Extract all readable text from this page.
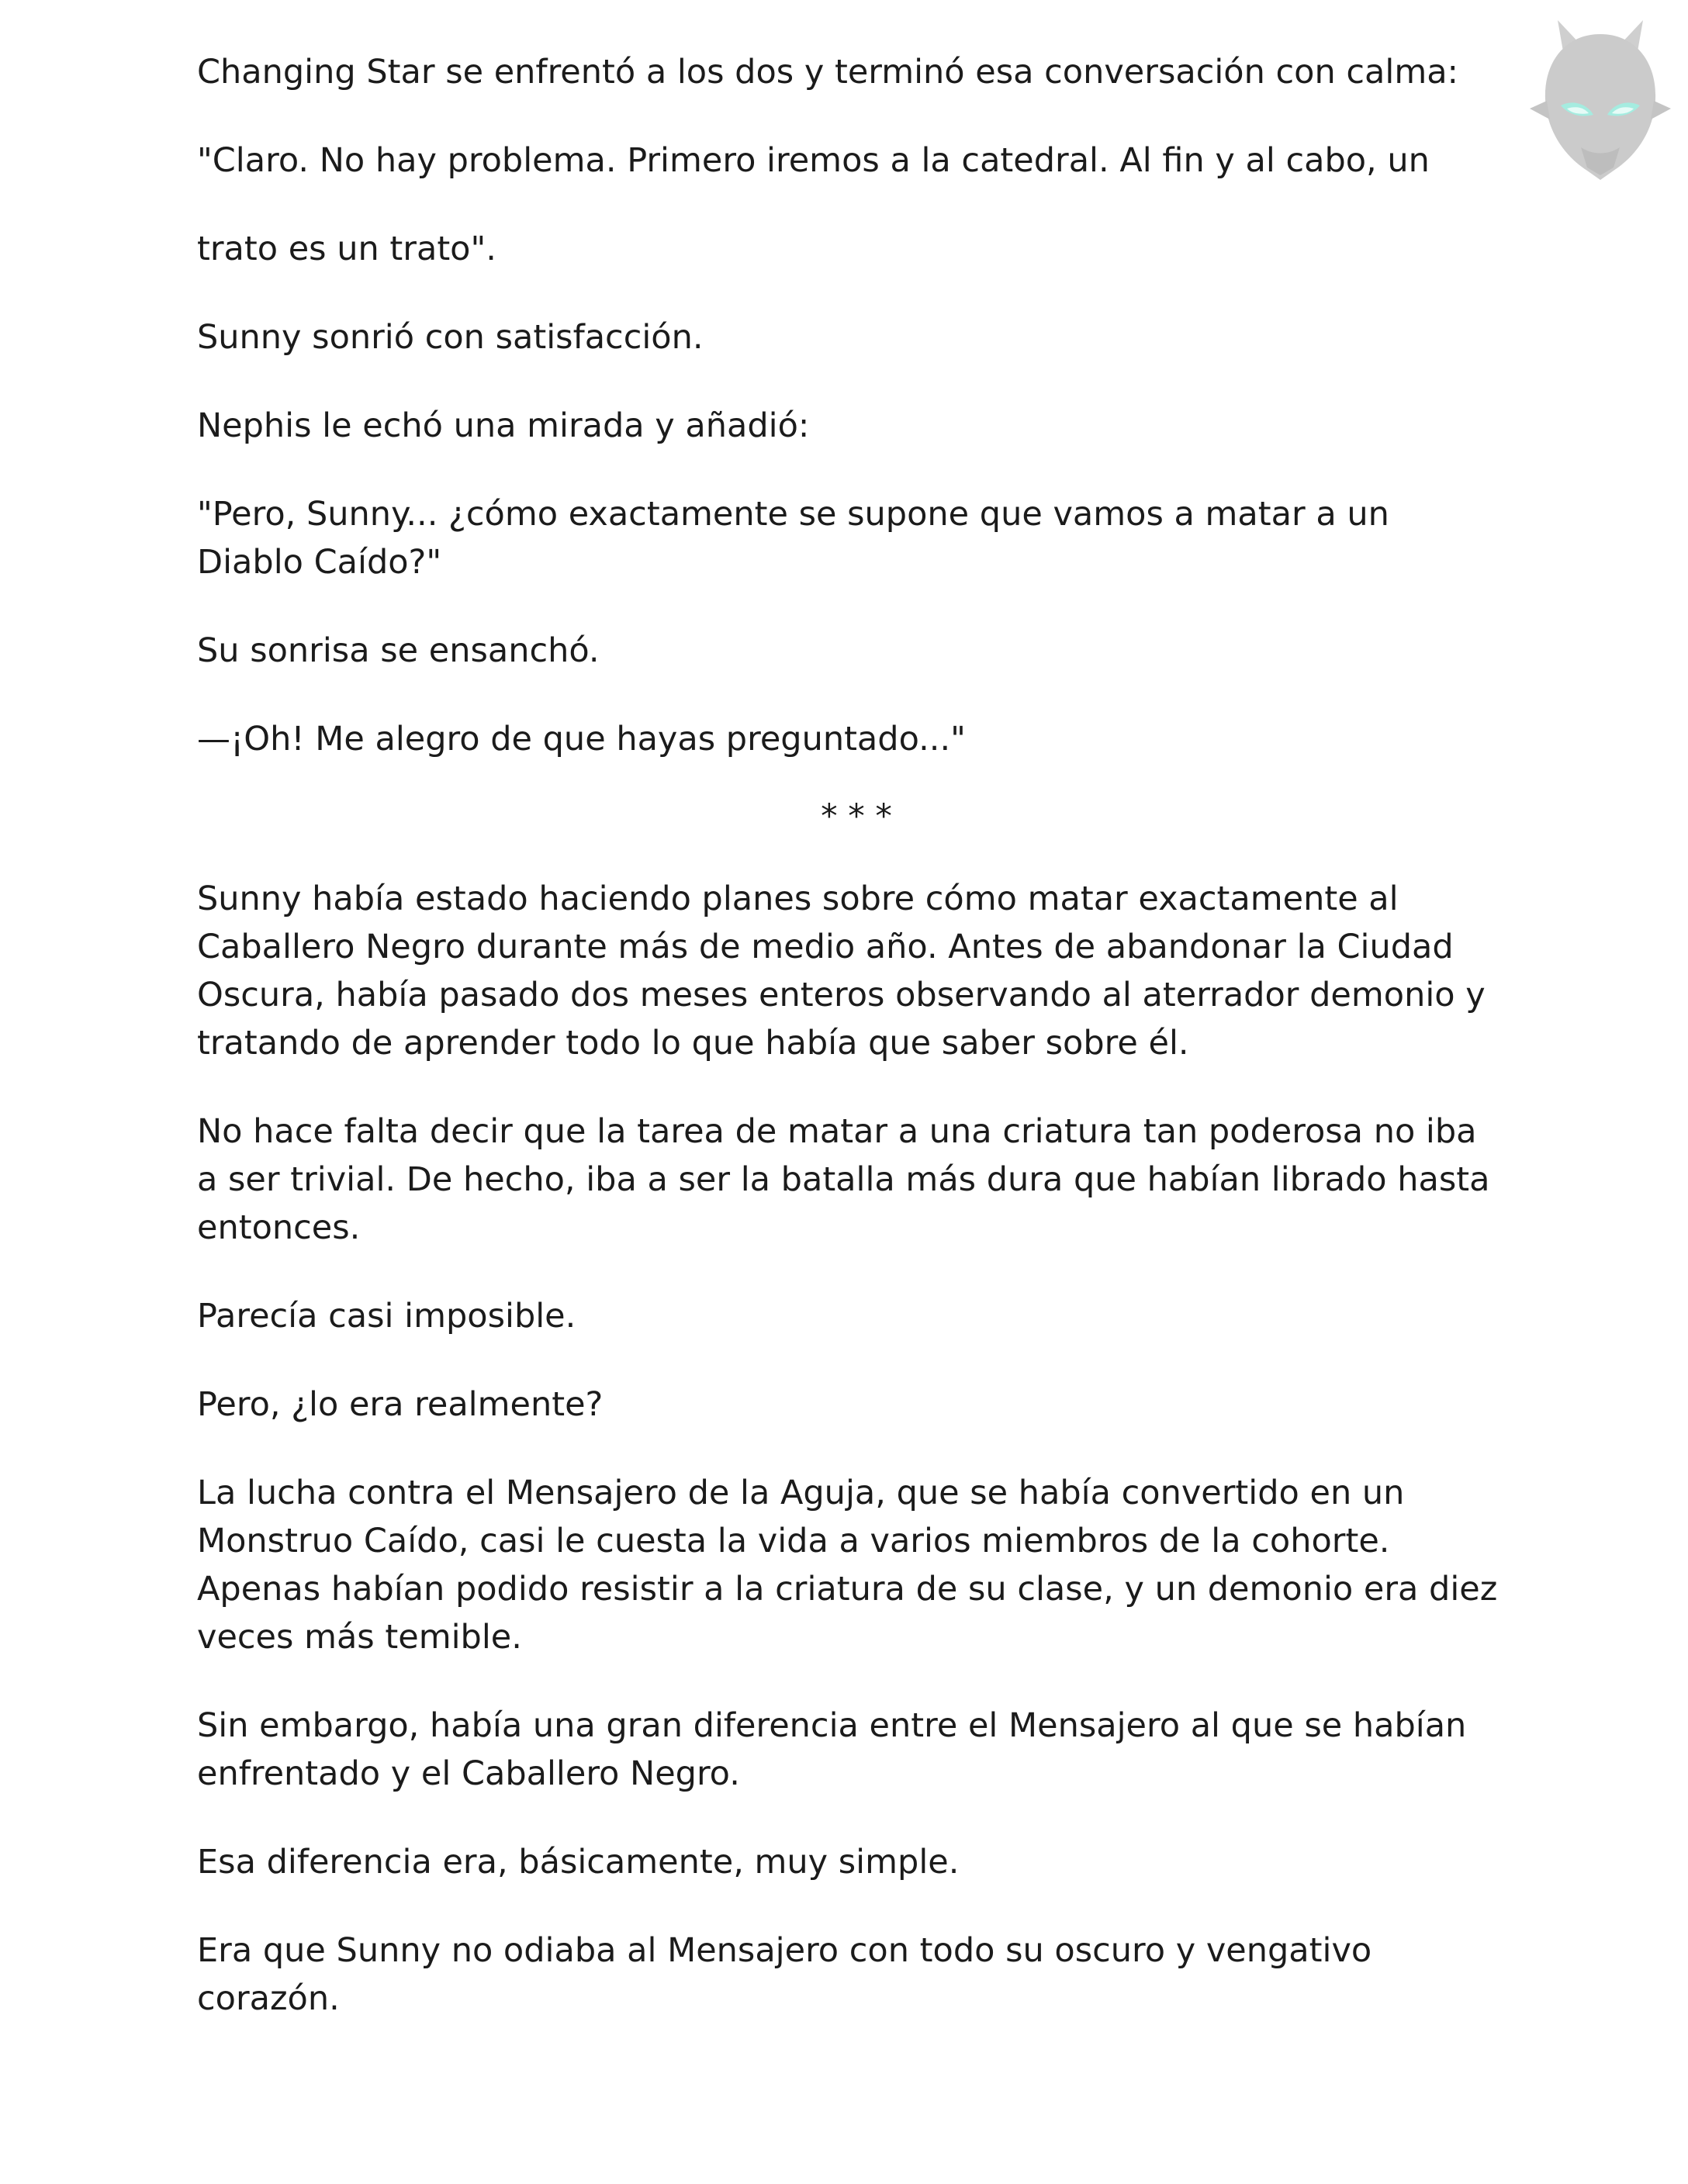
Changing Star se enfrentó a los dos y terminó esa conversación con calma:

"Claro. No hay problema. Primero iremos a la catedral. Al fin y al cabo, un

trato es un trato".

Sunny sonrió con satisfacción.

Nephis le echó una mirada y añadió:

"Pero, Sunny... ¿cómo exactamente se supone que vamos a matar a un
Diablo Caído?"

Su sonrisa se ensanchó.

—¡Oh! Me alegro de que hayas preguntado..."

* * *

Sunny había estado haciendo planes sobre cómo matar exactamente al
Caballero Negro durante más de medio año. Antes de abandonar la Ciudad
Oscura, había pasado dos meses enteros observando al aterrador demonio y
tratando de aprender todo lo que había que saber sobre él.

No hace falta decir que la tarea de matar a una criatura tan poderosa no iba
a ser trivial. De hecho, iba a ser la batalla más dura que habían librado hasta
entonces.

Parecía casi imposible.

Pero, ¿lo era realmente?

La lucha contra el Mensajero de la Aguja, que se había convertido en un
Monstruo Caído, casi le cuesta la vida a varios miembros de la cohorte.
Apenas habían podido resistir a la criatura de su clase, y un demonio era diez
veces más temible.

Sin embargo, había una gran diferencia entre el Mensajero al que se habían
enfrentado y el Caballero Negro.

Esa diferencia era, básicamente, muy simple.

Era que Sunny no odiaba al Mensajero con todo su oscuro y vengativo
corazón.
